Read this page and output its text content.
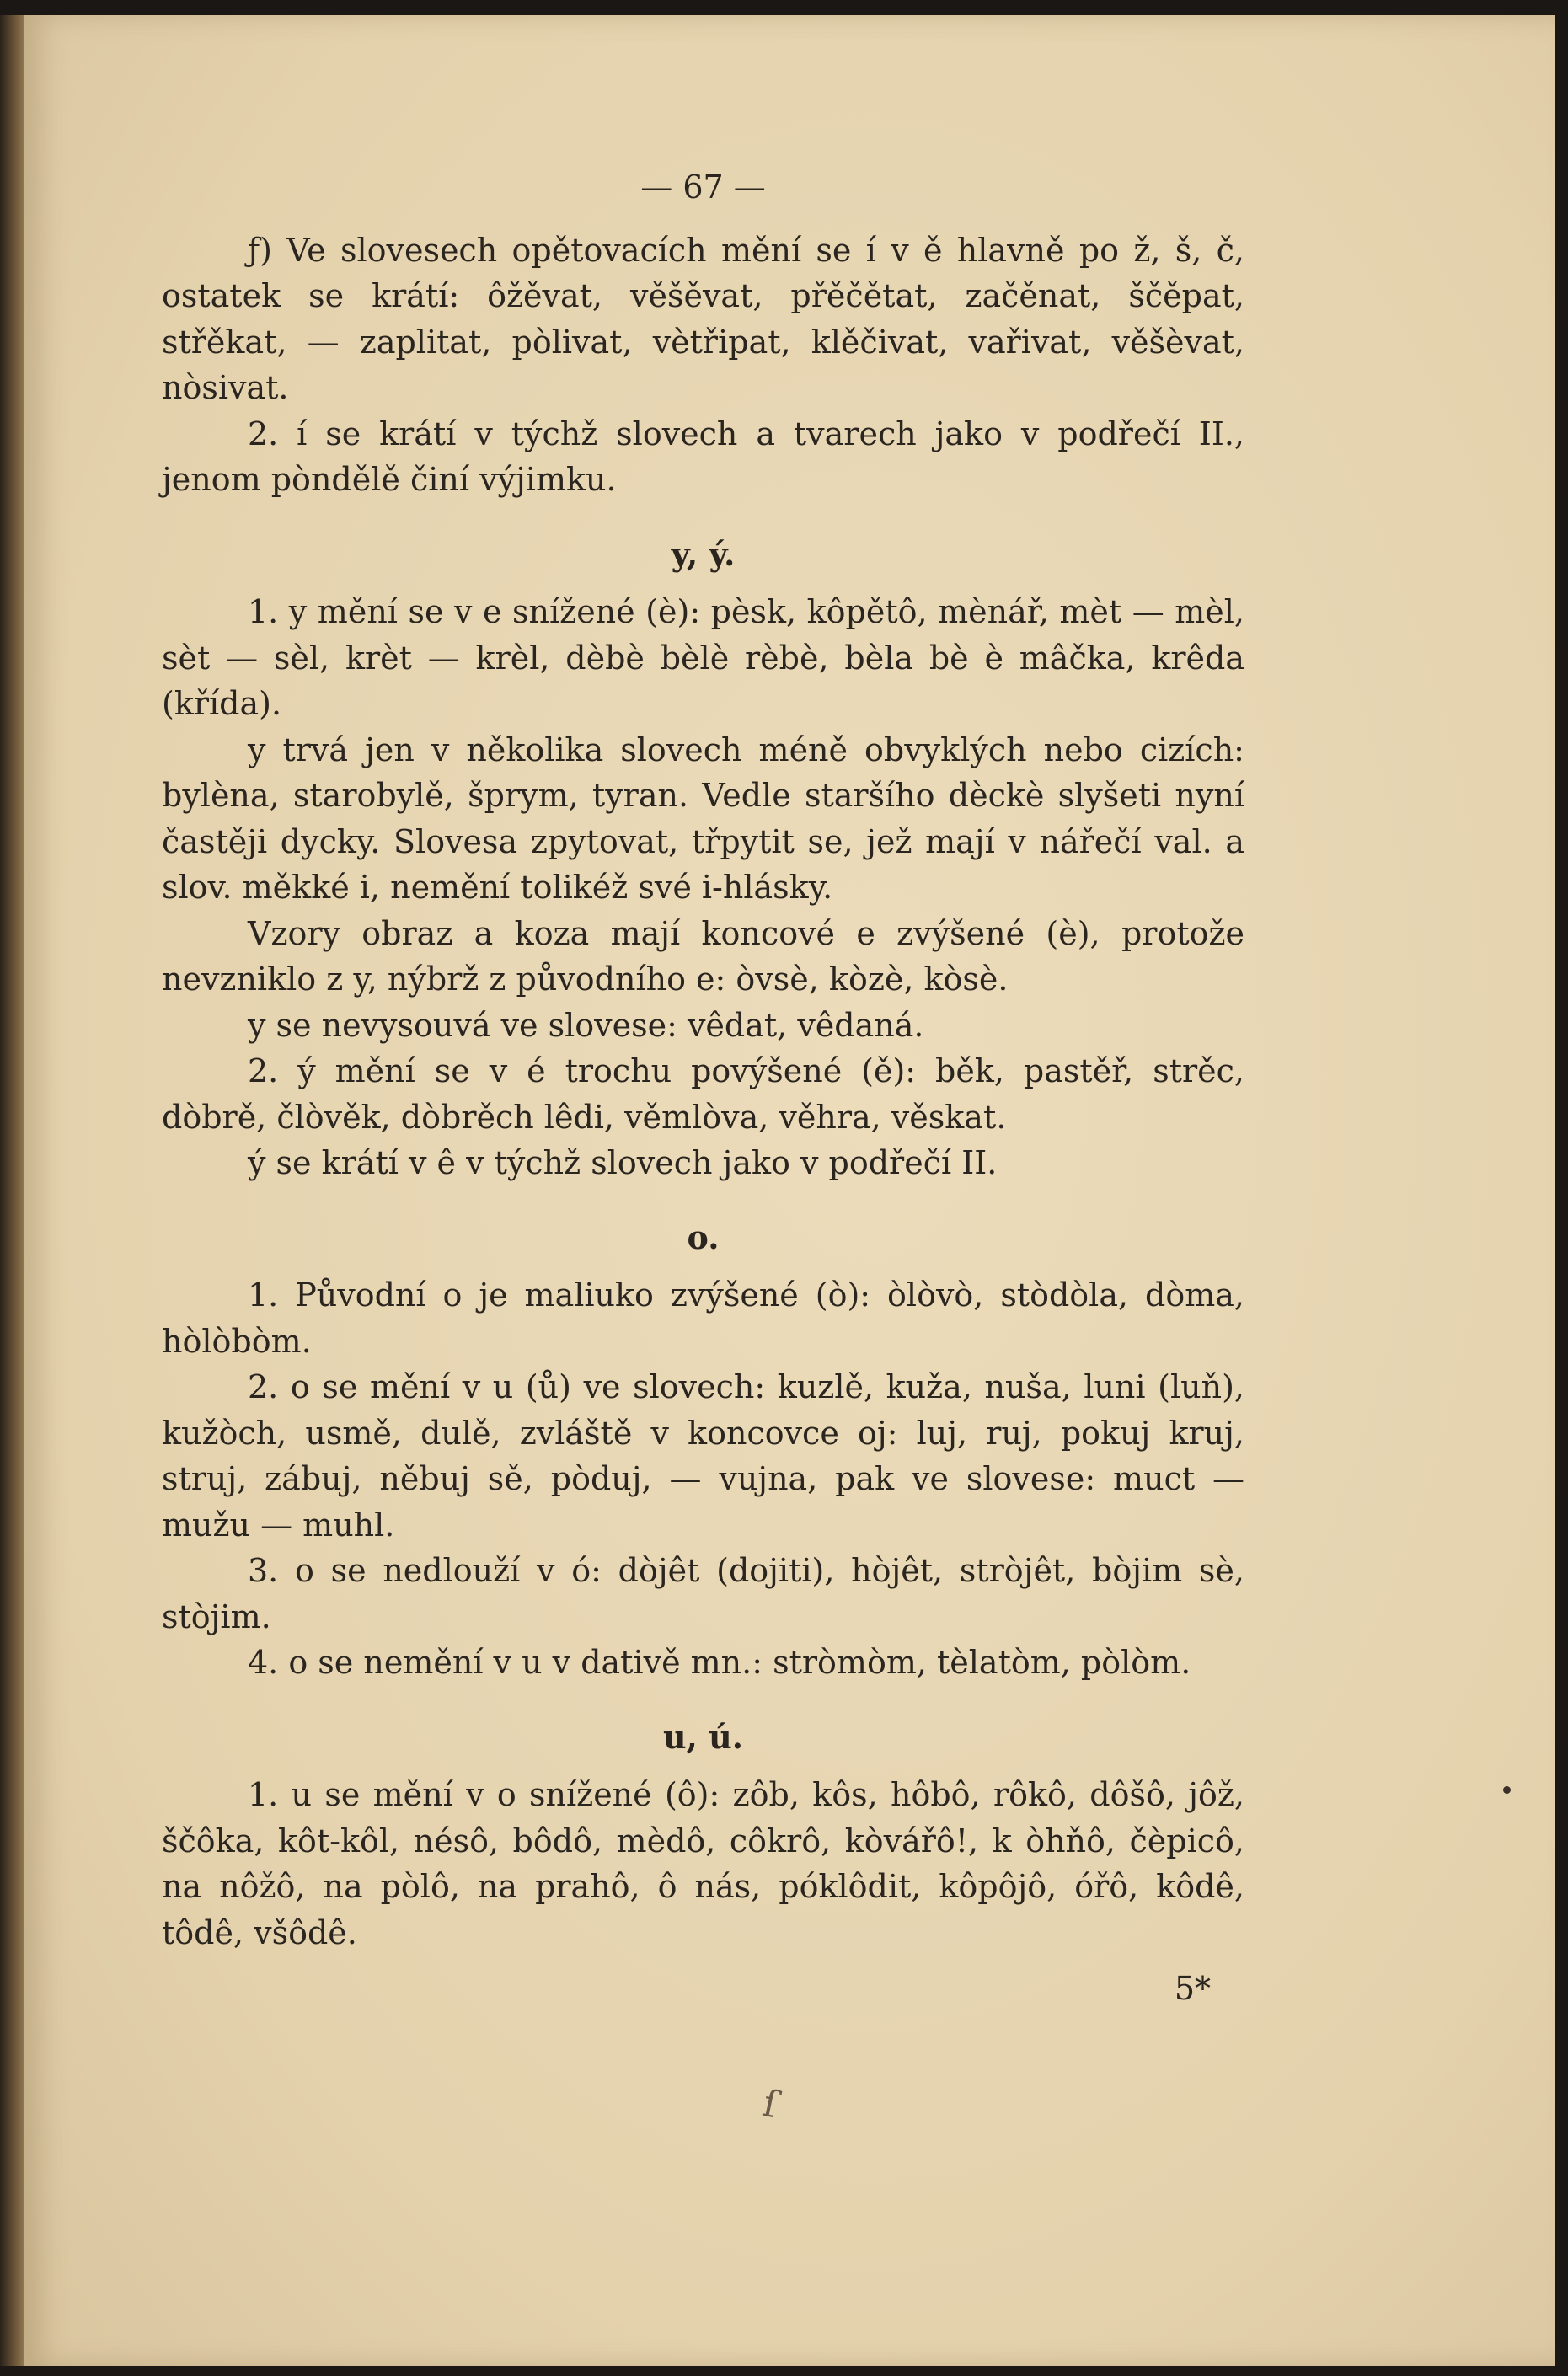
— 67 —

ƒ) Ve slovesech opětovacích mění se í v ě hlavně po ž, š, č, ostatek se krátí: ôžěvat, věšěvat, přěčětat, začěnat, ščěpat, střěkat, — zaplitat, pòlivat, vètřipat, klěčivat, vařivat, věšèvat, nòsivat.

2. í se krátí v týchž slovech a tvarech jako v podřečí II., jenom pòndělě činí výjimku.

y, ý.

1. y mění se v e snížené (è): pèsk, kôpětô, mènář, mèt — mèl, sèt — sèl, krèt — krèl, dèbè bèlè rèbè, bèla bè è mâčka, krêda (křída).

y trvá jen v několika slovech méně obvyklých nebo cizích: bylèna, starobylě, šprym, tyran. Vedle staršího dèckè slyšeti nyní častěji dycky. Slovesa zpytovat, třpytit se, jež mají v nářečí val. a slov. měkké i, nemění tolikéž své i-hlásky.

Vzory obraz a koza mají koncové e zvýšené (è), protože nevzniklo z y, nýbrž z původního e: òvsè, kòzè, kòsè.

y se nevysouvá ve slovese: vêdat, vêdaná.

2. ý mění se v é trochu povýšené (ě): běk, pastěř, strěc, dòbrě, člòvěk, dòbrěch lêdi, věmlòva, věhra, věskat.

ý se krátí v ê v týchž slovech jako v podřečí II.

o.

1. Původní o je maliuko zvýšené (ò): òlòvò, stòdòla, dòma, hòlòbòm.

2. o se mění v u (ů) ve slovech: kuzlě, kuža, nuša, luni (luň), kužòch, usmě, dulě, zvláště v koncovce oj: luj, ruj, pokuj kruj, struj, zábuj, něbuj sě, pòduj, — vujna, pak ve slovese: muct — mužu — muhl.

3. o se nedlouží v ó: dòjêt (dojiti), hòjêt, stròjêt, bòjim sè, stòjim.

4. o se nemění v u v dativě mn.: stròmòm, tèlatòm, pòlòm.

u, ú.

1. u se mění v o snížené (ô): zôb, kôs, hôbô, rôkô, dôšô, jôž, ščôka, kôt-kôl, nésô, bôdô, mèdô, côkrô, kòvářô!, k òhňô, čèpicô, na nôžô, na pòlô, na prahô, ô nás, póklôdit, kôpôjô, óřô, kôdê, tôdê, všôdê.

5*

ſ
